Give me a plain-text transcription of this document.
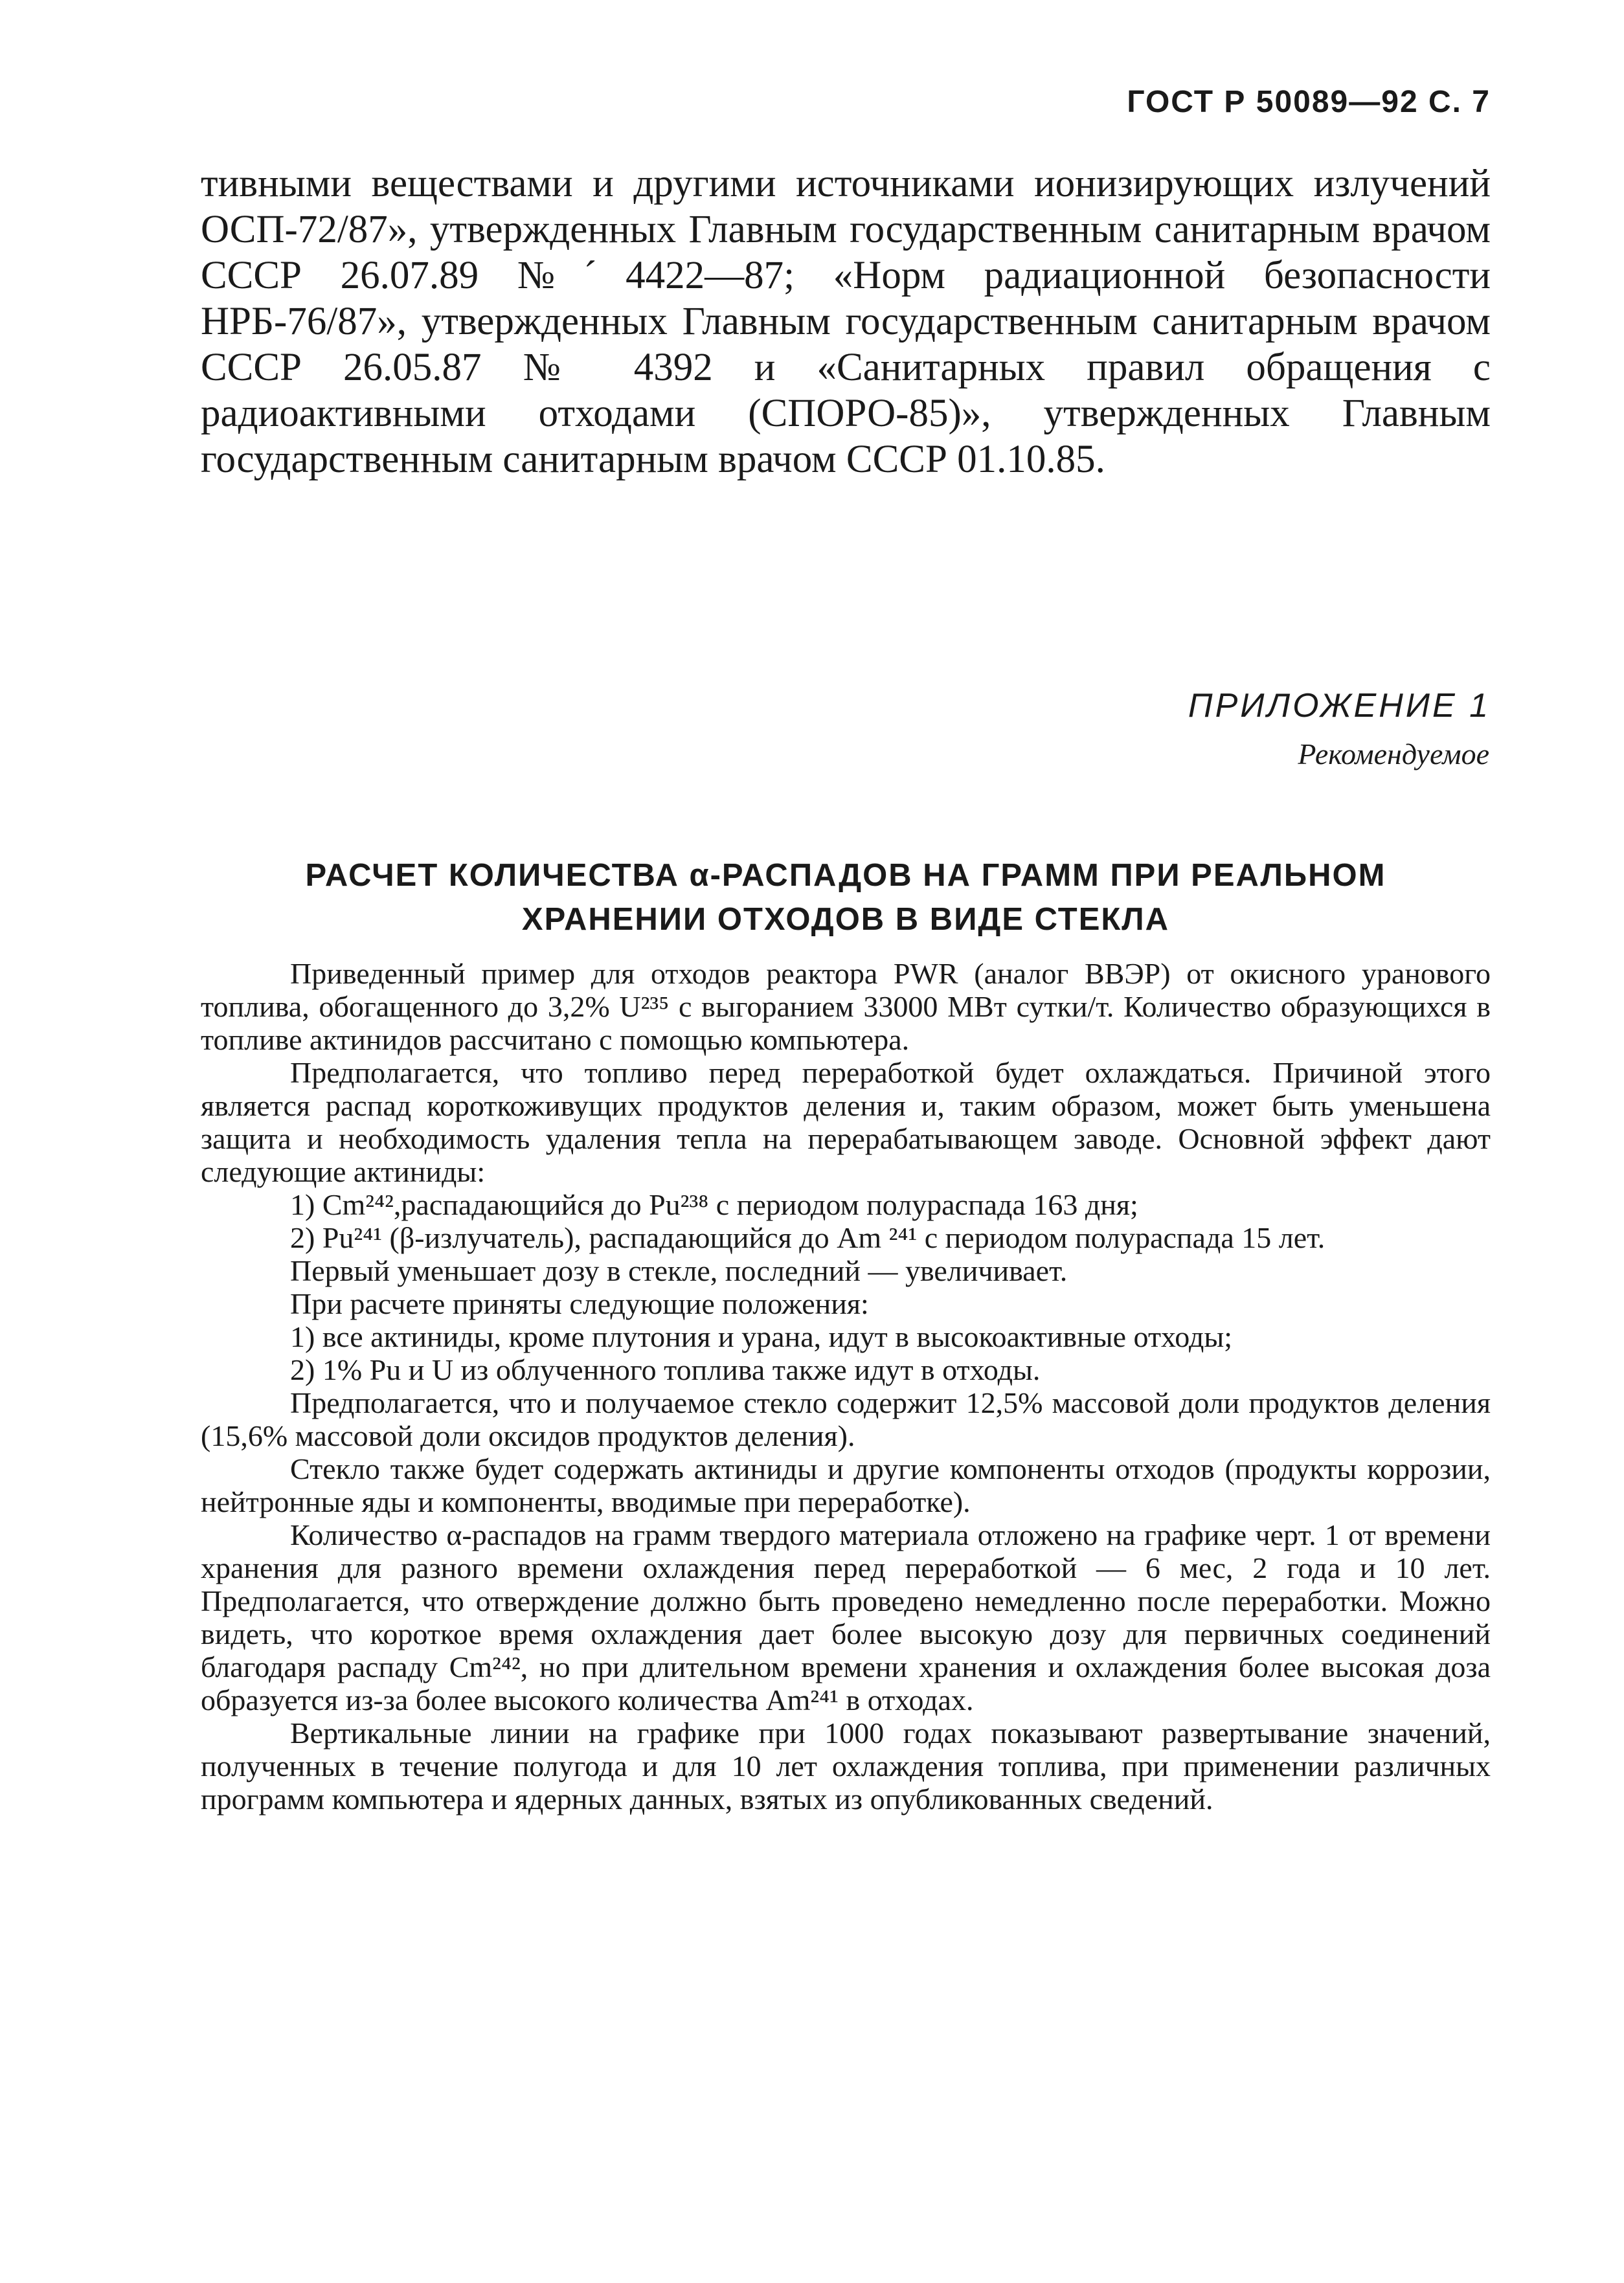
ГОСТ Р 50089—92 С. 7

тивными веществами и другими источниками ионизирующих излучений ОСП-72/87», утвержденных Главным государственным санитарным врачом СССР 26.07.89 №ˊ4422—87; «Норм радиационной безопасности НРБ-76/87», утвержденных Главным государственным санитарным врачом СССР 26.05.87 № 4392 и «Санитарных правил обращения с радиоактивными отходами (СПОРО-85)», утвержденных Главным государственным санитарным врачом СССР 01.10.85.

ПРИЛОЖЕНИЕ 1
Рекомендуемое
РАСЧЕТ КОЛИЧЕСТВА α-РАСПАДОВ НА ГРАММ ПРИ РЕАЛЬНОМ
ХРАНЕНИИ ОТХОДОВ В ВИДЕ СТЕКЛА

Приведенный пример для отходов реактора PWR (аналог ВВЭР) от окисного уранового топлива, обогащенного до 3,2% U²³⁵ с выгоранием 33000 МВт сутки/т. Количество образующихся в топливе актинидов рассчитано с помощью компьютера.

Предполагается, что топливо перед переработкой будет охлаждаться. Причиной этого является распад короткоживущих продуктов деления и, таким образом, может быть уменьшена защита и необходимость удаления тепла на перерабатывающем заводе. Основной эффект дают следующие актиниды:

1) Cm²⁴²,распадающийся до Pu²³⁸ с периодом полураспада 163 дня;

2) Pu²⁴¹ (β-излучатель), распадающийся до Am ²⁴¹ с периодом полураспада 15 лет.

Первый уменьшает дозу в стекле, последний — увеличивает.

При расчете приняты следующие положения:

1) все актиниды, кроме плутония и урана, идут в высокоактивные отходы;

2) 1% Pu и U из облученного топлива также идут в отходы.

Предполагается, что и получаемое стекло содержит 12,5% массовой доли продуктов деления (15,6% массовой доли оксидов продуктов деления).

Стекло также будет содержать актиниды и другие компоненты отходов (продукты коррозии, нейтронные яды и компоненты, вводимые при переработке).

Количество α-распадов на грамм твердого материала отложено на графике черт. 1 от времени хранения для разного времени охлаждения перед переработкой — 6 мес, 2 года и 10 лет. Предполагается, что отверждение должно быть проведено немедленно после переработки. Можно видеть, что короткое время охлаждения дает более высокую дозу для первичных соединений благодаря распаду Cm²⁴², но при длительном времени хранения и охлаждения более высокая доза образуется из-за более высокого количества Am²⁴¹ в отходах.

Вертикальные линии на графике при 1000 годах показывают развертывание значений, полученных в течение полугода и для 10 лет охлаждения топлива, при применении различных программ компьютера и ядерных данных, взятых из опубликованных сведений.
